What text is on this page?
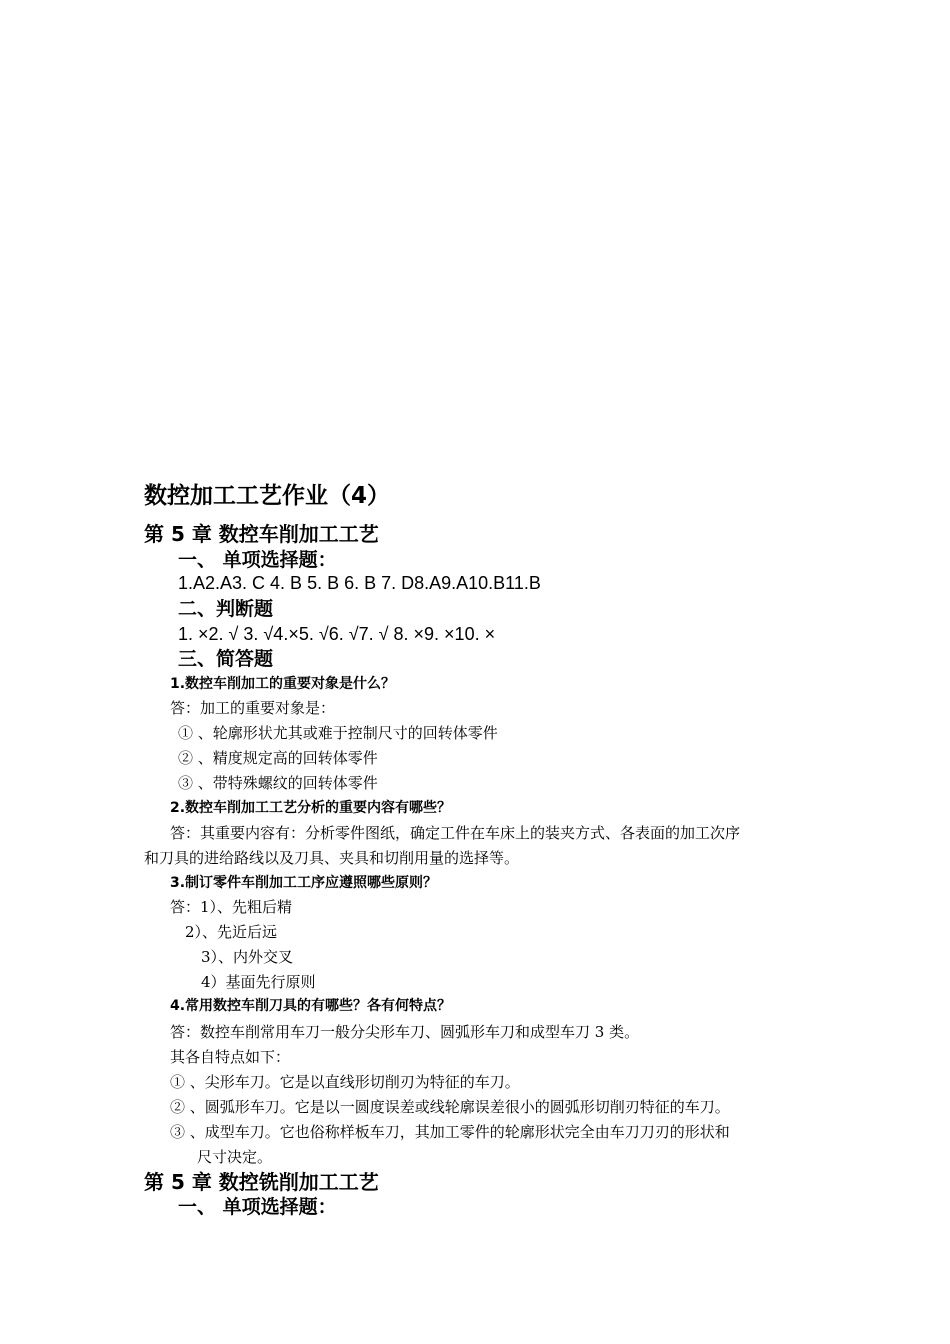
数控加工工艺作业（4）
第 5 章 数控车削加工工艺
一、 单项选择题：
1.A2.A3. C 4. B 5. B 6. B 7. D8.A9.A10.B11.B
二、判断题
1. ×2. √ 3. √4.×5. √6. √7. √ 8. ×9. ×10. ×
三、简答题
1.数控车削加工的重要对象是什么？
答：加工的重要对象是：
① 、轮廓形状尤其或难于控制尺寸的回转体零件
② 、精度规定高的回转体零件
③ 、带特殊螺纹的回转体零件
2.数控车削加工工艺分析的重要内容有哪些？
答：其重要内容有：分析零件图纸，确定工件在车床上的装夹方式、各表面的加工次序
和刀具的进给路线以及刀具、夹具和切削用量的选择等。
3.制订零件车削加工工序应遵照哪些原则？
答：1）、先粗后精
2）、先近后远
3）、内外交叉
4）基面先行原则
4.常用数控车削刀具的有哪些？各有何特点？
答：数控车削常用车刀一般分尖形车刀、圆弧形车刀和成型车刀 3 类。
其各自特点如下：
① 、尖形车刀。它是以直线形切削刃为特征的车刀。
② 、圆弧形车刀。它是以一圆度误差或线轮廓误差很小的圆弧形切削刃特征的车刀。
③ 、成型车刀。它也俗称样板车刀，其加工零件的轮廓形状完全由车刀刀刃的形状和
尺寸决定。
第 5 章 数控铣削加工工艺
一、 单项选择题：
